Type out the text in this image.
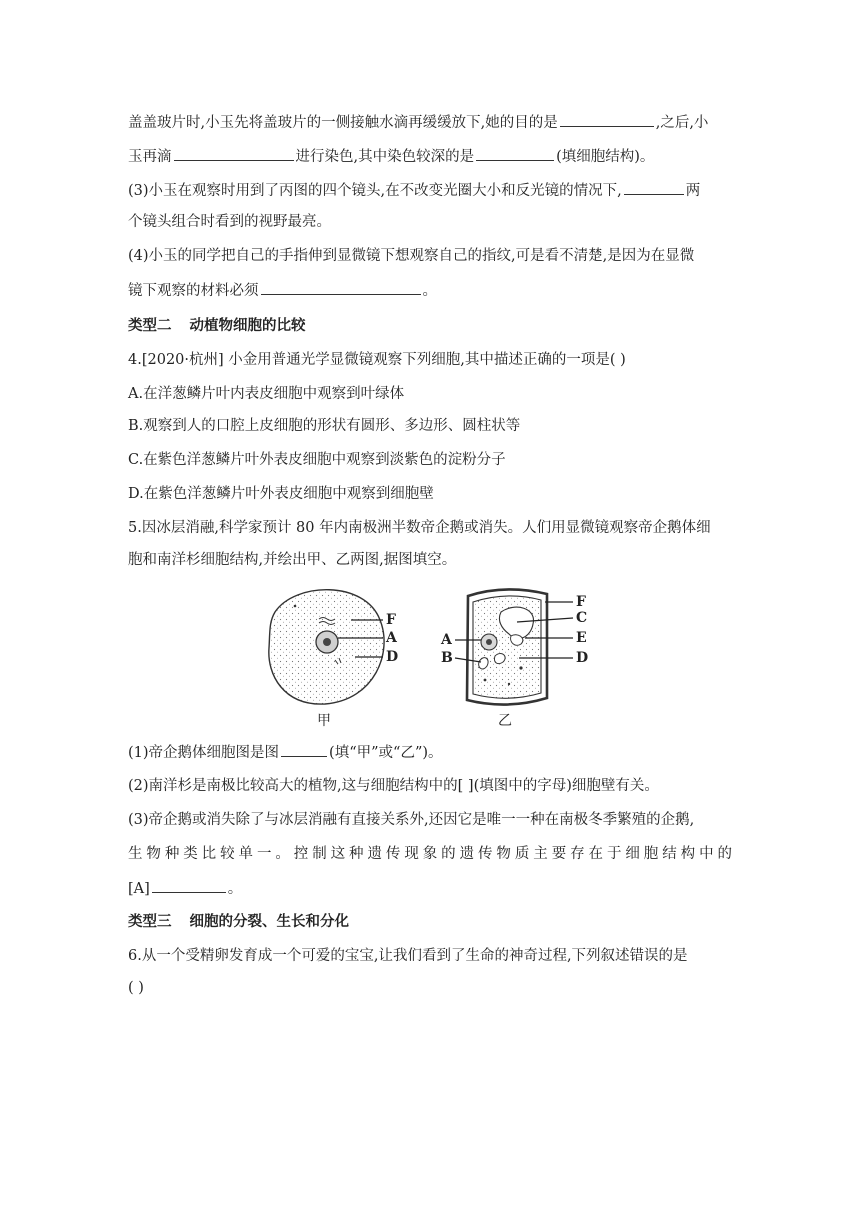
盖盖玻片时,小玉先将盖玻片的一侧接触水滴再缓缓放下,她的目的是	,之后,小
玉再滴	进行染色,其中染色较深的是	(填细胞结构)。
(3)小玉在观察时用到了丙图的四个镜头,在不改变光圈大小和反光镜的情况下,	两
个镜头组合时看到的视野最亮。
(4)小玉的同学把自己的手指伸到显微镜下想观察自己的指纹,可是看不清楚,是因为在显微
镜下观察的材料必须	。
类型二 动植物细胞的比较
4.[2020·杭州] 小金用普通光学显微镜观察下列细胞,其中描述正确的一项是( )
A.在洋葱鳞片叶内表皮细胞中观察到叶绿体
B.观察到人的口腔上皮细胞的形状有圆形、多边形、圆柱状等
C.在紫色洋葱鳞片叶外表皮细胞中观察到淡紫色的淀粉分子
D.在紫色洋葱鳞片叶外表皮细胞中观察到细胞壁
5.因冰层消融,科学家预计 80 年内南极洲半数帝企鹅或消失。人们用显微镜观察帝企鹅体细
胞和南洋杉细胞结构,并绘出甲、乙两图,据图填空。
F
A
D
甲
F
C
E
D
A
B
乙
(1)帝企鹅体细胞图是图	(填“甲”或“乙”)。
(2)南洋杉是南极比较高大的植物,这与细胞结构中的[ ](填图中的字母)细胞壁有关。
(3)帝企鹅或消失除了与冰层消融有直接关系外,还因它是唯一一种在南极冬季繁殖的企鹅,
生物种类比较单一。控制这种遗传现象的遗传物质主要存在于细胞结构中的
[A]	。
类型三 细胞的分裂、生长和分化
6.从一个受精卵发育成一个可爱的宝宝,让我们看到了生命的神奇过程,下列叙述错误的是
( )
